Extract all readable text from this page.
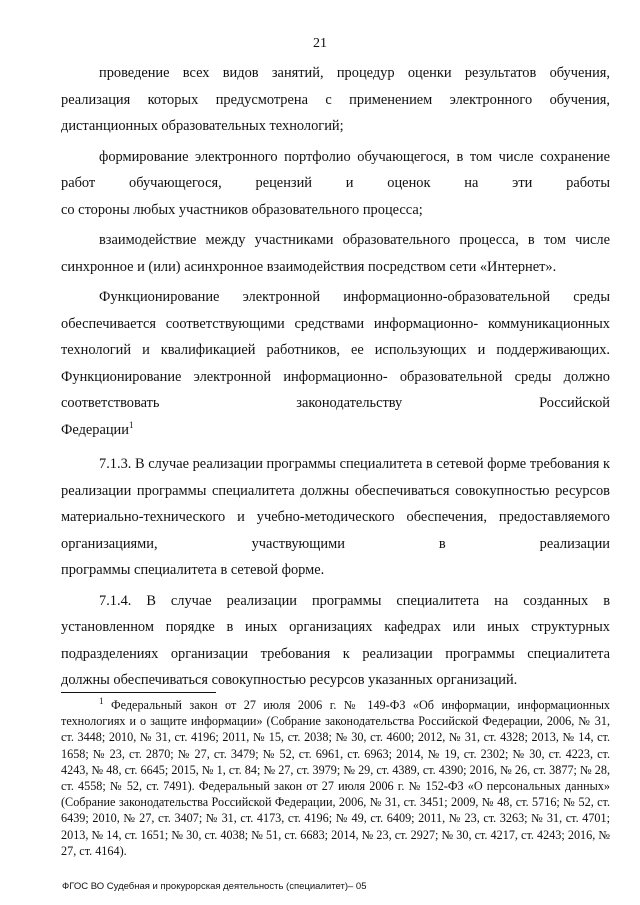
21

проведение всех видов занятий, процедур оценки результатов обучения, реализация которых предусмотрена с применением электронного обучения,

дистанционных образовательных технологий;

формирование электронного портфолио обучающегося, в том числе сохранение работ обучающегося, рецензий и оценок на эти работы

со стороны любых участников образовательного процесса;

взаимодействие между участниками образовательного процесса, в том числе

синхронное и (или) асинхронное взаимодействия посредством сети «Интернет».

Функционирование электронной информационно-образовательной среды обеспечивается соответствующими средствами информационно- коммуникационных технологий и квалификацией работников, ее использующих и поддерживающих. Функционирование электронной информационно- образовательной среды должно соответствовать законодательству Российской

Федерации$^1$

7.1.3. В случае реализации программы специалитета в сетевой форме требования к реализации программы специалитета должны обеспечиваться совокупностью ресурсов материально-технического и учебно-методического обеспечения, предоставляемого организациями, участвующими в реализации

программы специалитета в сетевой форме.

7.1.4. В случае реализации программы специалитета на созданных в установленном порядке в иных организациях кафедрах или иных структурных подразделениях организации требования к реализации программы специалитета

должны обеспечиваться совокупностью ресурсов указанных организаций.

$^1$ Федеральный закон от 27 июля 2006 г. № 149-ФЗ «Об информации, информационных технологиях и о защите информации» (Собрание законодательства Российской Федерации, 2006, № 31, ст. 3448; 2010, № 31, ст. 4196; 2011, № 15, ст. 2038; № 30, ст. 4600; 2012, № 31, ст. 4328; 2013, № 14, ст. 1658; № 23, ст. 2870; № 27, ст. 3479; № 52, ст. 6961, ст. 6963; 2014, № 19, ст. 2302; № 30, ст. 4223, ст. 4243, № 48, ст. 6645; 2015, № 1, ст. 84; № 27, ст. 3979; № 29, ст. 4389, ст. 4390; 2016, № 26, ст. 3877; № 28, ст. 4558; № 52, ст. 7491). Федеральный закон от 27 июля 2006 г. № 152-ФЗ «О персональных данных» (Собрание законодательства Российской Федерации, 2006, № 31, ст. 3451; 2009, № 48, ст. 5716; № 52, ст. 6439; 2010, № 27, ст. 3407; № 31, ст. 4173, ст. 4196; № 49, ст. 6409; 2011, № 23, ст. 3263; № 31, ст. 4701; 2013, № 14, ст. 1651; № 30, ст. 4038; № 51, ст. 6683; 2014, № 23, ст. 2927; № 30, ст. 4217, ст. 4243; 2016, № 27, ст. 4164).

ФГОС ВО Судебная и прокурорская деятельность (специалитет)– 05
